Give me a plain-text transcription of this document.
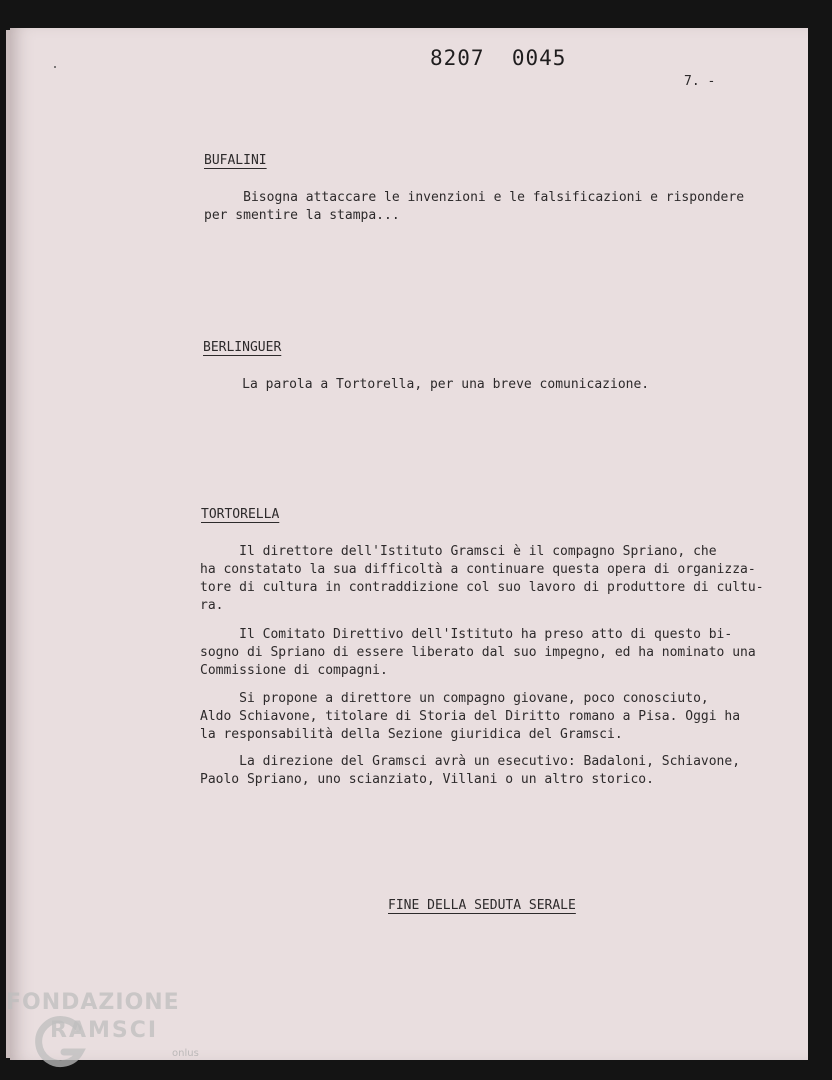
8207  0045
7. -
BUFALINI
Bisogna attaccare le invenzioni e le falsificazioni e rispondere
per smentire la stampa...
BERLINGUER
La parola a Tortorella, per una breve comunicazione.
TORTORELLA
Il direttore dell'Istituto Gramsci è il compagno Spriano, che
ha constatato la sua difficoltà a continuare questa opera di organizza-
tore di cultura in contraddizione col suo lavoro di produttore di cultu-
ra.
Il Comitato Direttivo dell'Istituto ha preso atto di questo bi-
sogno di Spriano di essere liberato dal suo impegno, ed ha nominato una
Commissione di compagni.
Si propone a direttore un compagno giovane, poco conosciuto,
Aldo Schiavone, titolare di Storia del Diritto romano a Pisa. Oggi ha
la responsabilità della Sezione giuridica del Gramsci.
La direzione del Gramsci avrà un esecutivo: Badaloni, Schiavone,
Paolo Spriano, uno scianziato, Villani o un altro storico.
FINE DELLA SEDUTA SERALE
FONDAZIONE
RAMSCI
onlus
